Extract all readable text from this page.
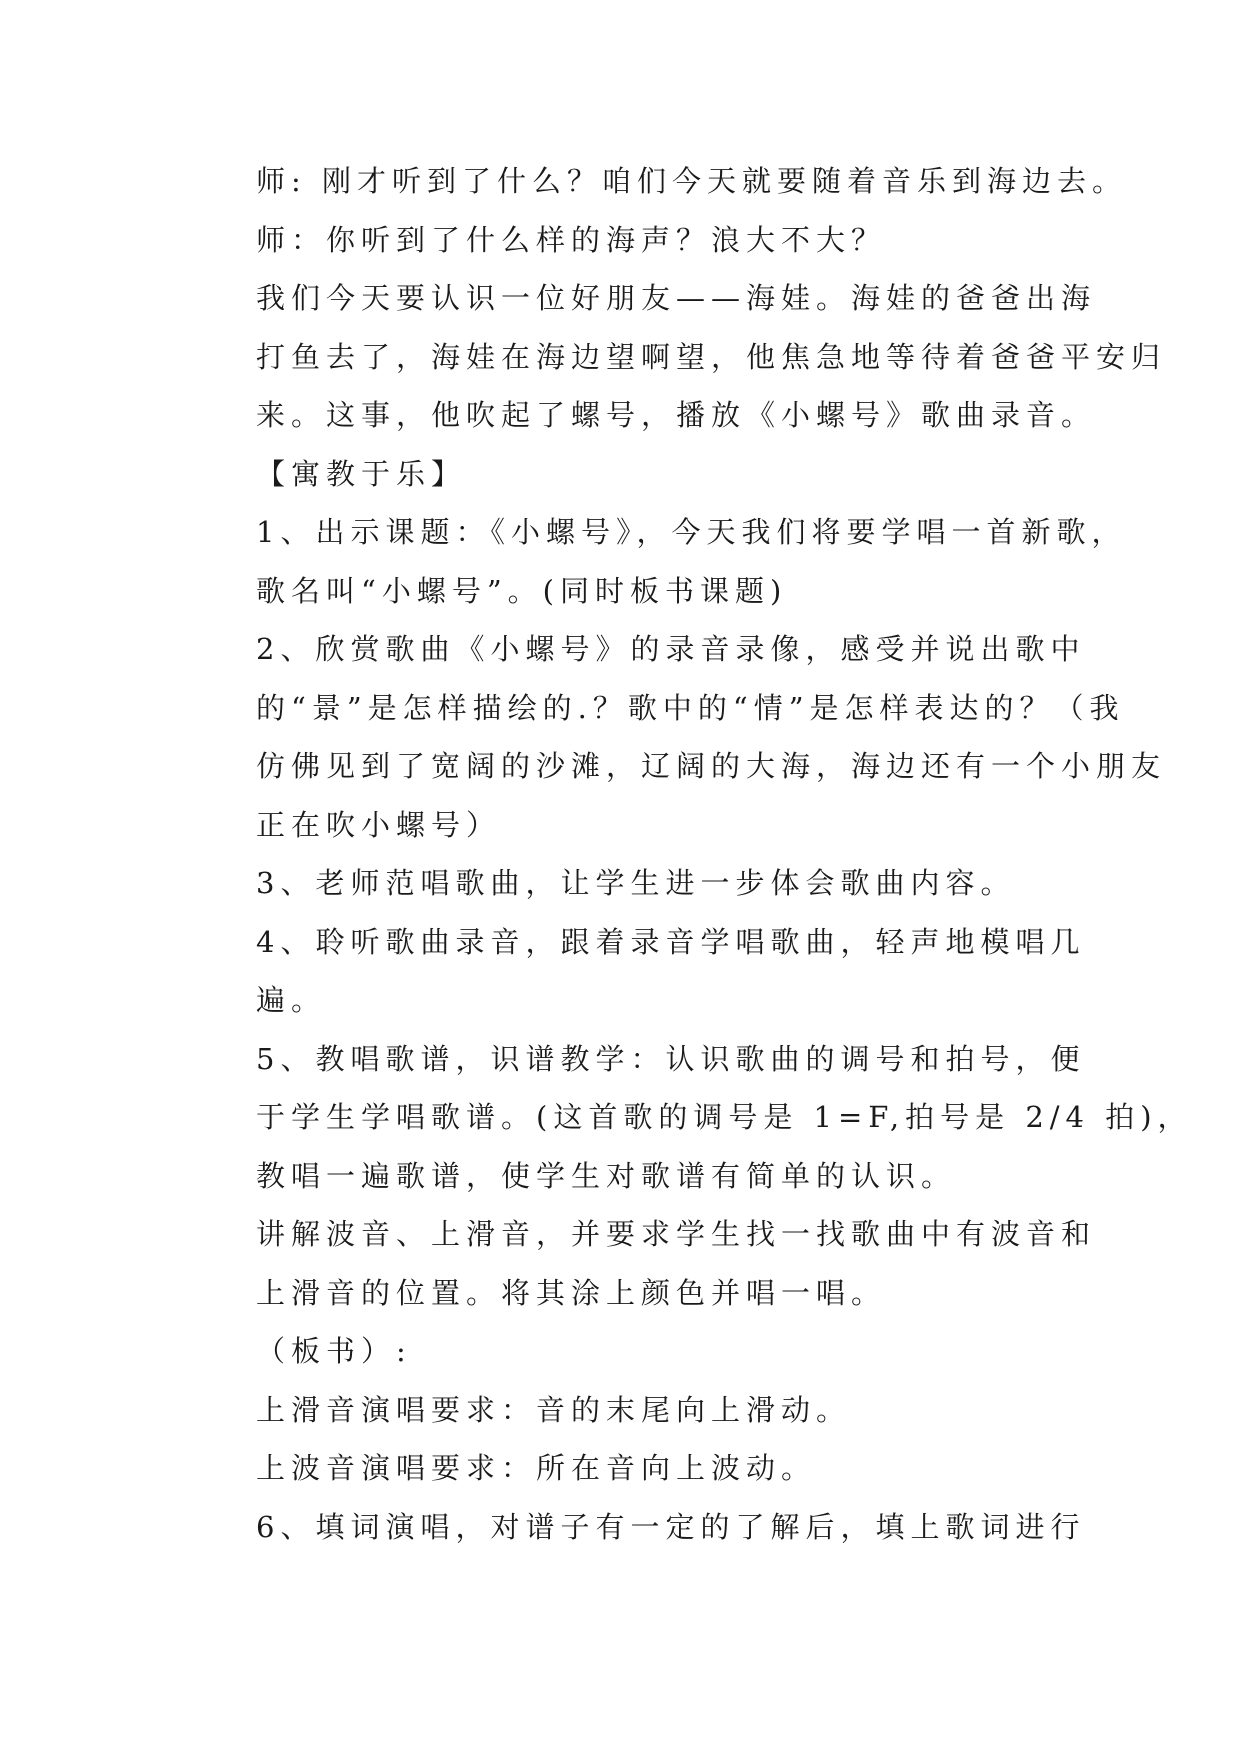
师: 刚才听到了什么？咱们今天就要随着音乐到海边去。

师：你听到了什么样的海声？浪大不大？

我们今天要认识一位好朋友——海娃。海娃的爸爸出海
打鱼去了，海娃在海边望啊望，他焦急地等待着爸爸平安归
来。这事，他吹起了螺号，播放《小螺号》歌曲录音。

【寓教于乐】

1、出示课题：《小螺号》，今天我们将要学唱一首新歌，
歌名叫“小螺号”。(同时板书课题)

2、欣赏歌曲《小螺号》的录音录像，感受并说出歌中
的“景”是怎样描绘的.？歌中的“情”是怎样表达的？（我
仿佛见到了宽阔的沙滩，辽阔的大海，海边还有一个小朋友
正在吹小螺号）

3、老师范唱歌曲，让学生进一步体会歌曲内容。

4、聆听歌曲录音，跟着录音学唱歌曲，轻声地模唱几
遍。

5、教唱歌谱，识谱教学：认识歌曲的调号和拍号，便
于学生学唱歌谱。(这首歌的调号是 1=F,拍号是 2/4 拍)，
教唱一遍歌谱，使学生对歌谱有简单的认识。

讲解波音、上滑音，并要求学生找一找歌曲中有波音和
上滑音的位置。将其涂上颜色并唱一唱。

（板书）:

上滑音演唱要求：音的末尾向上滑动。

上波音演唱要求：所在音向上波动。

6、填词演唱，对谱子有一定的了解后，填上歌词进行
